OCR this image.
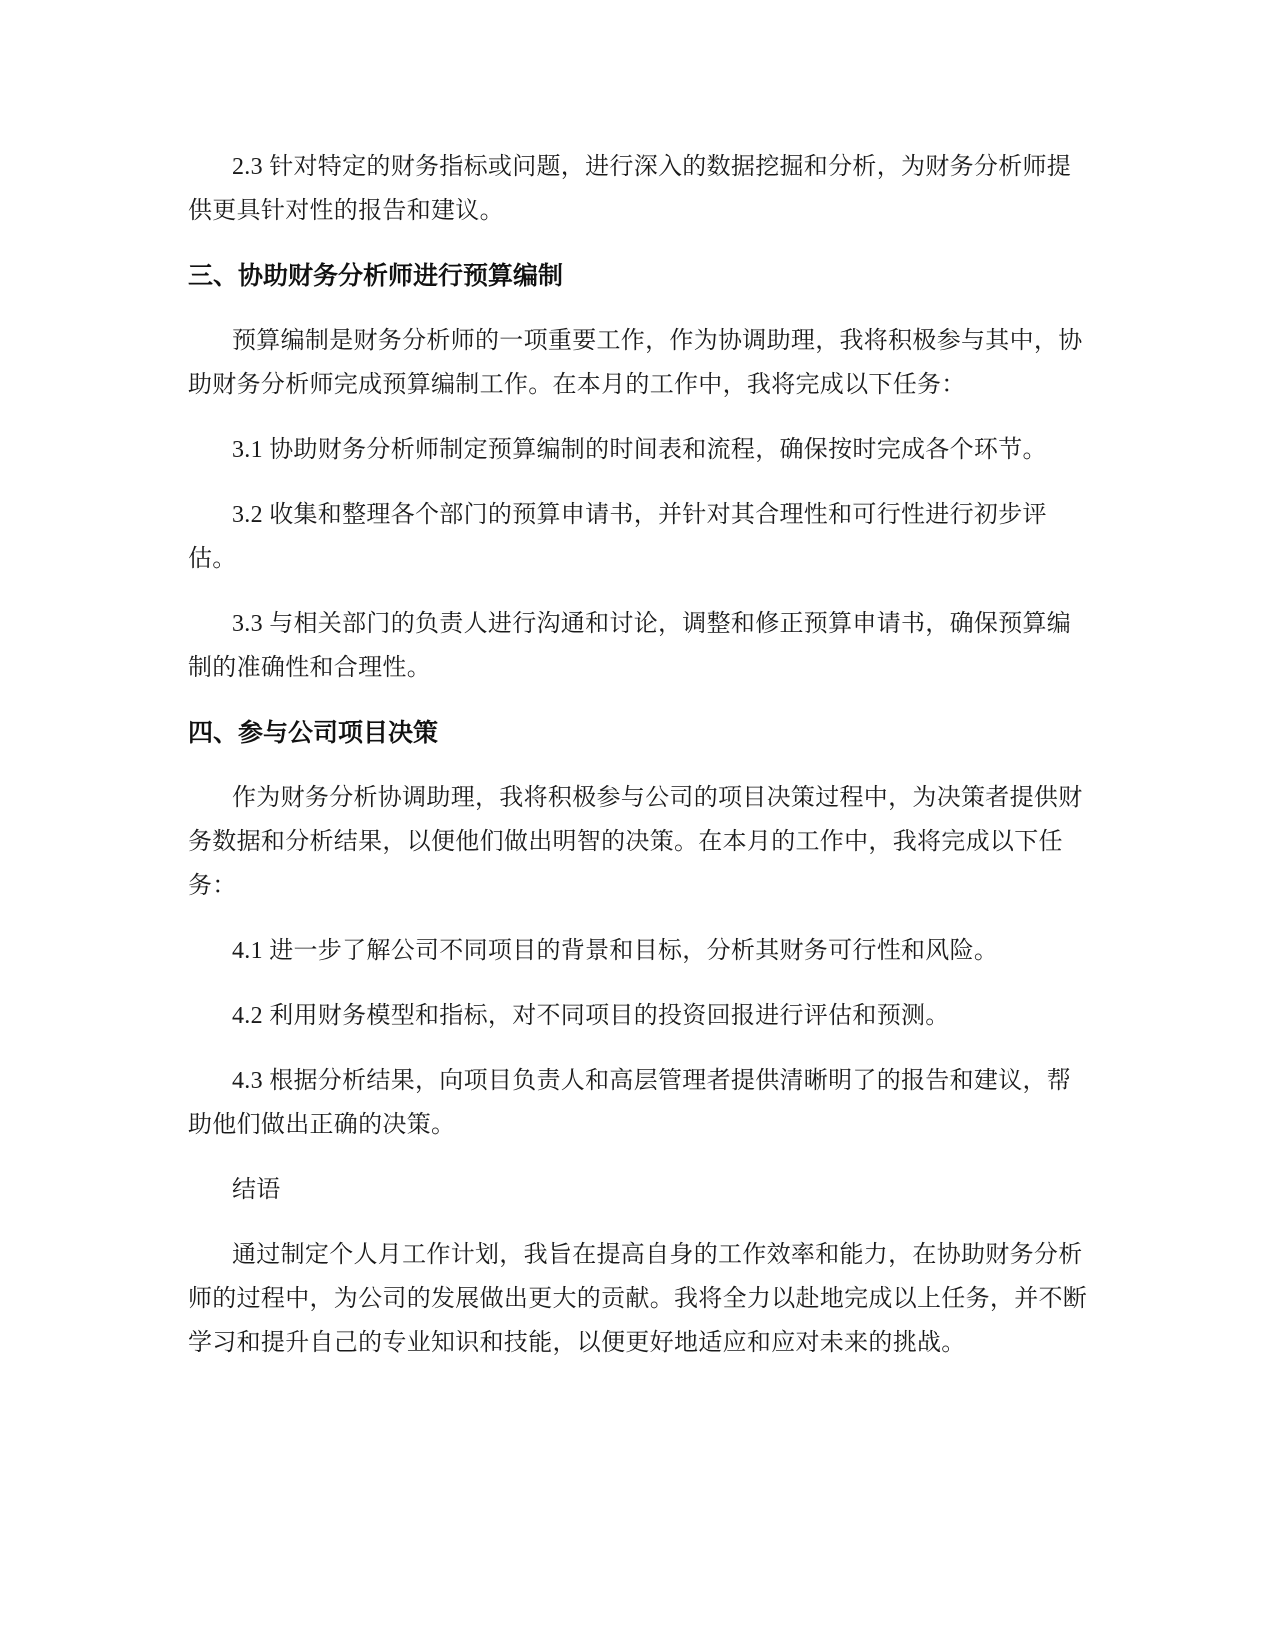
2.3 针对特定的财务指标或问题，进行深入的数据挖掘和分析，为财务分析师提供更具针对性的报告和建议。

三、协助财务分析师进行预算编制

预算编制是财务分析师的一项重要工作，作为协调助理，我将积极参与其中，协助财务分析师完成预算编制工作。在本月的工作中，我将完成以下任务：

3.1 协助财务分析师制定预算编制的时间表和流程，确保按时完成各个环节。

3.2 收集和整理各个部门的预算申请书，并针对其合理性和可行性进行初步评估。

3.3 与相关部门的负责人进行沟通和讨论，调整和修正预算申请书，确保预算编制的准确性和合理性。

四、参与公司项目决策

作为财务分析协调助理，我将积极参与公司的项目决策过程中，为决策者提供财务数据和分析结果，以便他们做出明智的决策。在本月的工作中，我将完成以下任务：

4.1 进一步了解公司不同项目的背景和目标，分析其财务可行性和风险。

4.2 利用财务模型和指标，对不同项目的投资回报进行评估和预测。

4.3 根据分析结果，向项目负责人和高层管理者提供清晰明了的报告和建议，帮助他们做出正确的决策。

结语

通过制定个人月工作计划，我旨在提高自身的工作效率和能力，在协助财务分析师的过程中，为公司的发展做出更大的贡献。我将全力以赴地完成以上任务，并不断学习和提升自己的专业知识和技能，以便更好地适应和应对未来的挑战。
